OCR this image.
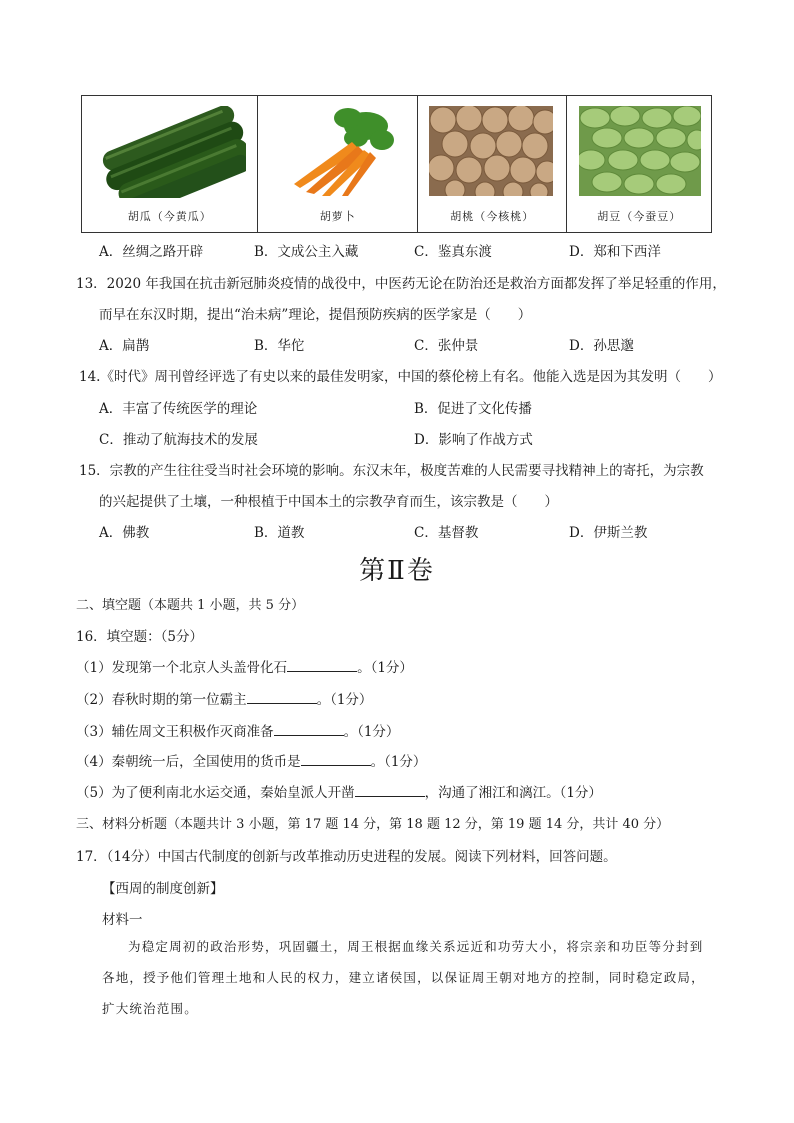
胡瓜（今黄瓜）	胡萝卜	胡桃（今核桃）	胡豆（今蚕豆）
A．丝绸之路开辟	B．文成公主入藏	C．鉴真东渡	D．郑和下西洋
13．2020 年我国在抗击新冠肺炎疫情的战役中，中医药无论在防治还是救治方面都发挥了举足轻重的作用，
而早在东汉时期，提出“治未病”理论，提倡预防疾病的医学家是（　　）
A．扁鹊	B．华佗	C．张仲景	D．孙思邈
14.《时代》周刊曾经评选了有史以来的最佳发明家，中国的蔡伦榜上有名。他能入选是因为其发明（　　）
A．丰富了传统医学的理论	B．促进了文化传播
C．推动了航海技术的发展	D．影响了作战方式
15．宗教的产生往往受当时社会环境的影响。东汉末年，极度苦难的人民需要寻找精神上的寄托，为宗教
的兴起提供了土壤，一种根植于中国本土的宗教孕育而生，该宗教是（　　）
A．佛教	B．道教	C．基督教	D．伊斯兰教
第Ⅱ卷
二、填空题（本题共 1 小题，共 5 分）
16．填空题：（5分）
（1）发现第一个北京人头盖骨化石	。（1分）
（2）春秋时期的第一位霸主	。（1分）
（3）辅佐周文王积极作灭商准备	。（1分）
（4）秦朝统一后，全国使用的货币是	。（1分）
（5）为了便利南北水运交通，秦始皇派人开凿	，沟通了湘江和漓江。（1分）
三、材料分析题（本题共计 3 小题，第 17 题 14 分，第 18 题 12 分，第 19 题 14 分，共计 40 分）
17．（14分）中国古代制度的创新与改革推动历史进程的发展。阅读下列材料，回答问题。
【西周的制度创新】
材料一
为稳定周初的政治形势，巩固疆土，周王根据血缘关系远近和功劳大小，将宗亲和功臣等分封到
各地，授予他们管理土地和人民的权力，建立诸侯国，以保证周王朝对地方的控制，同时稳定政局，
扩大统治范围。
